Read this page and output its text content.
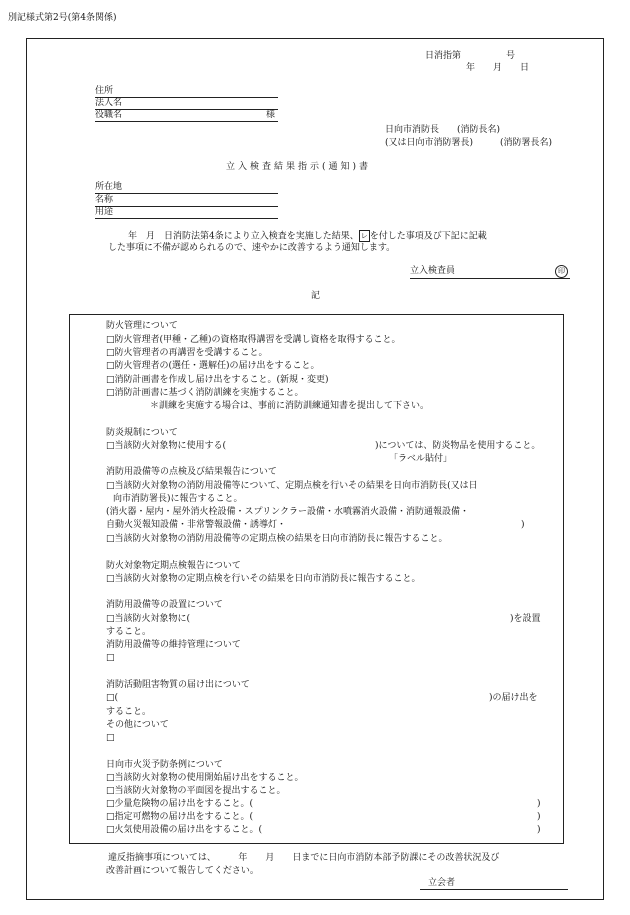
別記様式第2号(第4条関係)
日消指第　　　　　号
年　　月　　日
住所
法人名
役職名	様
日向市消防長　　(消防長名)
(又は日向市消防署長)　　　(消防署長名)
立入検査結果指示(通知)書
所在地
名称
用途
年　月　日消防法第4条により立入検査を実施した結果、 レ を付した事項及び下記に記載
した事項に不備が認められるので、速やかに改善するよう通知します。
立入検査員	印
記
防火管理について
□防火管理者(甲種・乙種)の資格取得講習を受講し資格を取得すること。
□防火管理者の再講習を受講すること。
□防火管理者の(選任・選解任)の届け出をすること。
□消防計画書を作成し届け出をすること。(新規・変更)
□消防計画書に基づく消防訓練を実施すること。
＊訓練を実施する場合は、事前に消防訓練通知書を提出して下さい。
防炎規制について
□当該防火対象物に使用する(	)については、防炎物品を使用すること。
「ラベル貼付」
消防用設備等の点検及び結果報告について
□当該防火対象物の消防用設備等について、定期点検を行いその結果を日向市消防長(又は日
向市消防署長)に報告すること。
(消火器・屋内・屋外消火栓設備・スプリンクラー設備・水噴霧消火設備・消防通報設備・
自動火災報知設備・非常警報設備・誘導灯・	)
□当該防火対象物の消防用設備等の定期点検の結果を日向市消防長に報告すること。
防火対象物定期点検報告について
□当該防火対象物の定期点検を行いその結果を日向市消防長に報告すること。
消防用設備等の設置について
□当該防火対象物に(	)を設置
すること。
消防用設備等の維持管理について
□
消防活動阻害物質の届け出について
□(	)の届け出を
すること。
その他について
□
日向市火災予防条例について
□当該防火対象物の使用開始届け出をすること。
□当該防火対象物の平面図を提出すること。
□少量危険物の届け出をすること。(	)
□指定可燃物の届け出をすること。(	)
□火気使用設備の届け出をすること。(	)
違反指摘事項については、　　　年　　月　　日までに日向市消防本部予防課にその改善状況及び
改善計画について報告してください。
立会者
